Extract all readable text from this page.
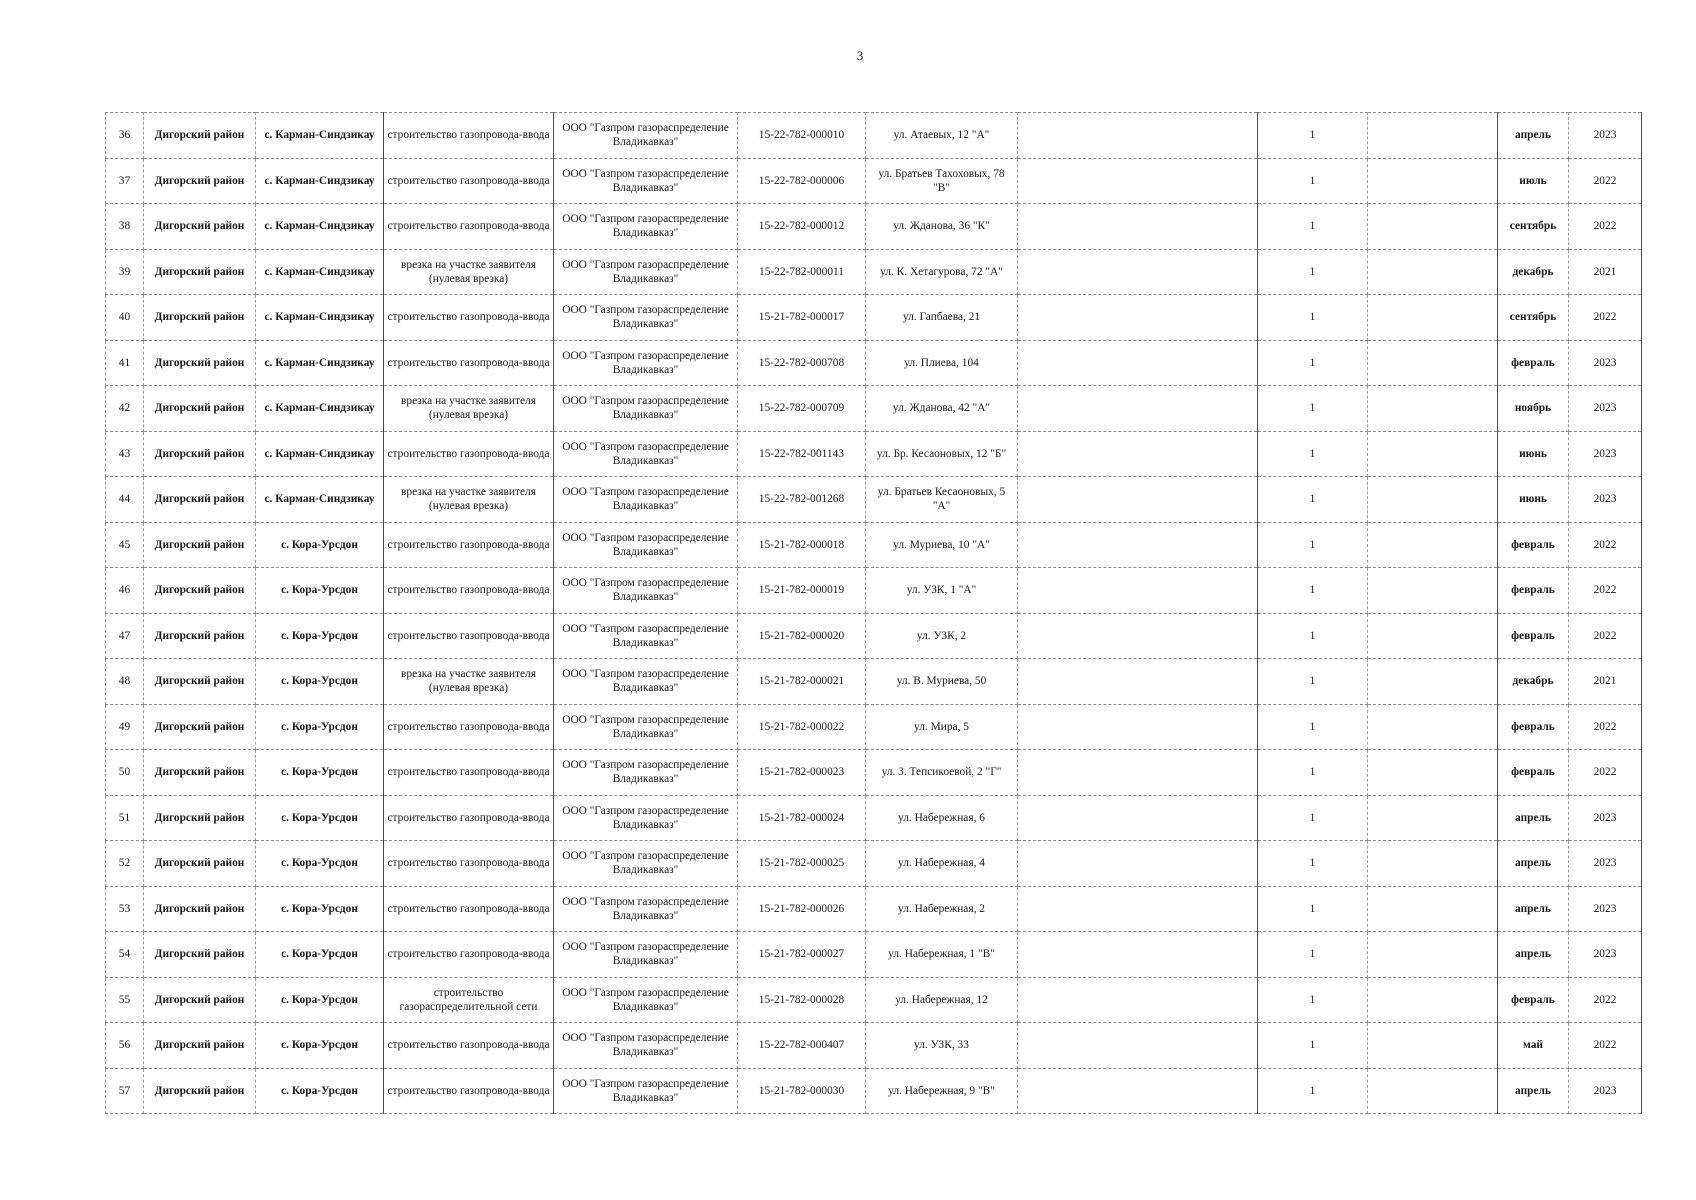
3
36	Дигорский район	с. Карман-Синдзикау	строительство газопровода-ввода	ООО "Газпром газораспределение Владикавказ"	15-22-782-000010	ул. Атаевых, 12 "А"		1		апрель	2023
37	Дигорский район	с. Карман-Синдзикау	строительство газопровода-ввода	ООО "Газпром газораспределение Владикавказ"	15-22-782-000006	ул. Братьев Тахоховых, 78 "В"		1		июль	2022
38	Дигорский район	с. Карман-Синдзикау	строительство газопровода-ввода	ООО "Газпром газораспределение Владикавказ"	15-22-782-000012	ул. Жданова, 36 "К"		1		сентябрь	2022
39	Дигорский район	с. Карман-Синдзикау	врезка на участке заявителя (нулевая врезка)	ООО "Газпром газораспределение Владикавказ"	15-22-782-000011	ул. К. Хетагурова, 72 "А"		1		декабрь	2021
40	Дигорский район	с. Карман-Синдзикау	строительство газопровода-ввода	ООО "Газпром газораспределение Владикавказ"	15-21-782-000017	ул. Гапбаева, 21		1		сентябрь	2022
41	Дигорский район	с. Карман-Синдзикау	строительство газопровода-ввода	ООО "Газпром газораспределение Владикавказ"	15-22-782-000708	ул. Плиева, 104		1		февраль	2023
42	Дигорский район	с. Карман-Синдзикау	врезка на участке заявителя (нулевая врезка)	ООО "Газпром газораспределение Владикавказ"	15-22-782-000709	ул. Жданова, 42 "А"		1		ноябрь	2023
43	Дигорский район	с. Карман-Синдзикау	строительство газопровода-ввода	ООО "Газпром газораспределение Владикавказ"	15-22-782-001143	ул. Бр. Кесаоновых, 12 "Б"		1		июнь	2023
44	Дигорский район	с. Карман-Синдзикау	врезка на участке заявителя (нулевая врезка)	ООО "Газпром газораспределение Владикавказ"	15-22-782-001268	ул. Братьев Кесаоновых, 5 "А"		1		июнь	2023
45	Дигорский район	с. Кора-Урсдон	строительство газопровода-ввода	ООО "Газпром газораспределение Владикавказ"	15-21-782-000018	ул. Муриева, 10 "А"		1		февраль	2022
46	Дигорский район	с. Кора-Урсдон	строительство газопровода-ввода	ООО "Газпром газораспределение Владикавказ"	15-21-782-000019	ул. УЗК, 1 "А"		1		февраль	2022
47	Дигорский район	с. Кора-Урсдон	строительство газопровода-ввода	ООО "Газпром газораспределение Владикавказ"	15-21-782-000020	ул. УЗК, 2		1		февраль	2022
48	Дигорский район	с. Кора-Урсдон	врезка на участке заявителя (нулевая врезка)	ООО "Газпром газораспределение Владикавказ"	15-21-782-000021	ул. В. Муриева, 50		1		декабрь	2021
49	Дигорский район	с. Кора-Урсдон	строительство газопровода-ввода	ООО "Газпром газораспределение Владикавказ"	15-21-782-000022	ул. Мира, 5		1		февраль	2022
50	Дигорский район	с. Кора-Урсдон	строительство газопровода-ввода	ООО "Газпром газораспределение Владикавказ"	15-21-782-000023	ул. З. Тепсикоевой, 2 "Г"		1		февраль	2022
51	Дигорский район	с. Кора-Урсдон	строительство газопровода-ввода	ООО "Газпром газораспределение Владикавказ"	15-21-782-000024	ул. Набережная, 6		1		апрель	2023
52	Дигорский район	с. Кора-Урсдон	строительство газопровода-ввода	ООО "Газпром газораспределение Владикавказ"	15-21-782-000025	ул. Набережная, 4		1		апрель	2023
53	Дигорский район	с. Кора-Урсдон	строительство газопровода-ввода	ООО "Газпром газораспределение Владикавказ"	15-21-782-000026	ул. Набережная, 2		1		апрель	2023
54	Дигорский район	с. Кора-Урсдон	строительство газопровода-ввода	ООО "Газпром газораспределение Владикавказ"	15-21-782-000027	ул. Набережная, 1 "В"		1		апрель	2023
55	Дигорский район	с. Кора-Урсдон	строительство газораспределительной сети	ООО "Газпром газораспределение Владикавказ"	15-21-782-000028	ул. Набережная, 12		1		февраль	2022
56	Дигорский район	с. Кора-Урсдон	строительство газопровода-ввода	ООО "Газпром газораспределение Владикавказ"	15-22-782-000407	ул. УЗК, 33		1		май	2022
57	Дигорский район	с. Кора-Урсдон	строительство газопровода-ввода	ООО "Газпром газораспределение Владикавказ"	15-21-782-000030	ул. Набережная, 9 "В"		1		апрель	2023
